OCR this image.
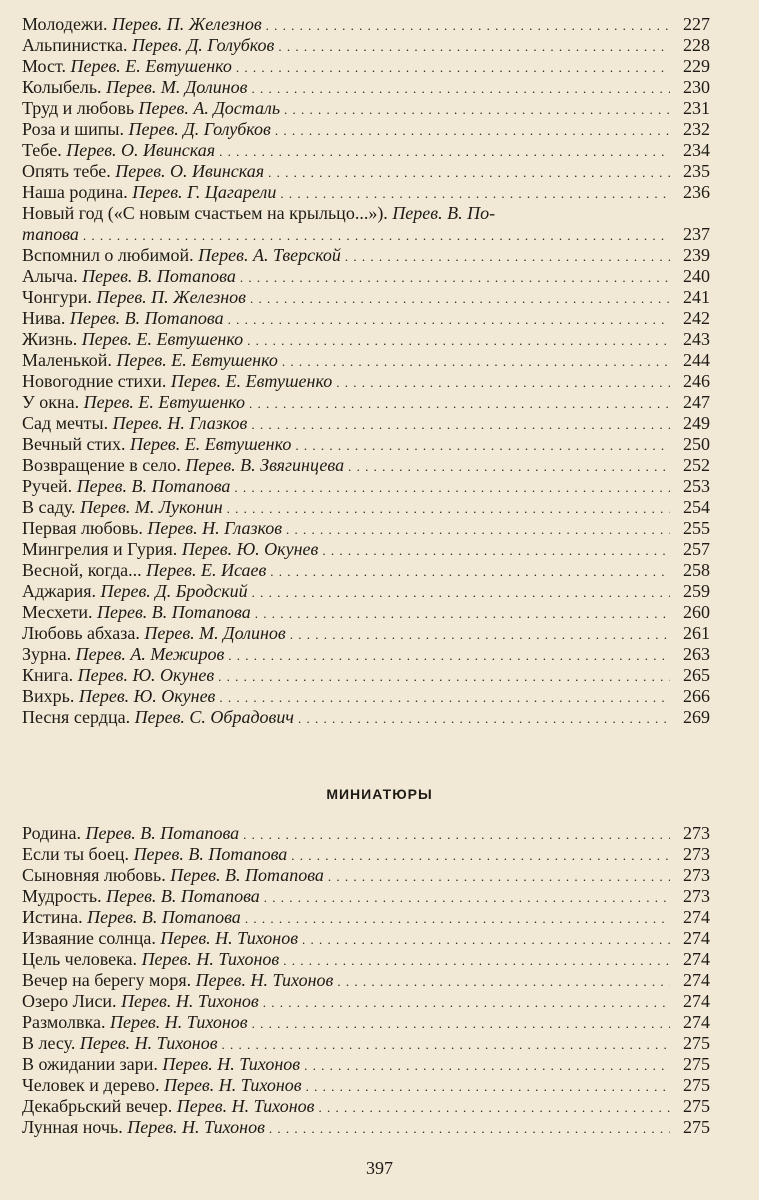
Молодежи. Перев. П. Железнов . . .	227
Альпинистка. Перев. Д. Голубков . . .	228
Мост. Перев. Е. Евтушенко . . .	229
Колыбель. Перев. М. Долинов . . .	230
Труд и любовь Перев. А. Досталь . . .	231
Роза и шипы. Перев. Д. Голубков . . .	232
Тебе. Перев. О. Ивинская . . .	234
Опять тебе. Перев. О. Ивинская . . .	235
Наша родина. Перев. Г. Цагарели . . .	236
Новый год («С новым счастьем на крыльцо...»). Перев. В. По-
тапова . . .	237
Вспомнил о любимой. Перев. А. Тверской . . .	239
Алыча. Перев. В. Потапова . . .	240
Чонгури. Перев. П. Железнов . . .	241
Нива. Перев. В. Потапова . . .	242
Жизнь. Перев. Е. Евтушенко . . .	243
Маленькой. Перев. Е. Евтушенко . . .	244
Новогодние стихи. Перев. Е. Евтушенко . . .	246
У окна. Перев. Е. Евтушенко . . .	247
Сад мечты. Перев. Н. Глазков . . .	249
Вечный стих. Перев. Е. Евтушенко . . .	250
Возвращение в село. Перев. В. Звягинцева . . .	252
Ручей. Перев. В. Потапова . . .	253
В саду. Перев. М. Луконин . . .	254
Первая любовь. Перев. Н. Глазков . . .	255
Мингрелия и Гурия. Перев. Ю. Окунев . . .	257
Весной, когда... Перев. Е. Исаев . . .	258
Аджария. Перев. Д. Бродский . . .	259
Месхети. Перев. В. Потапова . . .	260
Любовь абхаза. Перев. М. Долинов . . .	261
Зурна. Перев. А. Межиров . . .	263
Книга. Перев. Ю. Окунев . . .	265
Вихрь. Перев. Ю. Окунев . . .	266
Песня сердца. Перев. С. Обрадович . . .	269
МИНИАТЮРЫ
Родина. Перев. В. Потапова . . .	273
Если ты боец. Перев. В. Потапова . . .	273
Сыновняя любовь. Перев. В. Потапова . . .	273
Мудрость. Перев. В. Потапова . . .	273
Истина. Перев. В. Потапова . . .	274
Изваяние солнца. Перев. Н. Тихонов . . .	274
Цель человека. Перев. Н. Тихонов . . .	274
Вечер на берегу моря. Перев. Н. Тихонов . . .	274
Озеро Лиси. Перев. Н. Тихонов . . .	274
Размолвка. Перев. Н. Тихонов . . .	274
В лесу. Перев. Н. Тихонов . . .	275
В ожидании зари. Перев. Н. Тихонов . . .	275
Человек и дерево. Перев. Н. Тихонов . . .	275
Декабрьский вечер. Перев. Н. Тихонов . . .	275
Лунная ночь. Перев. Н. Тихонов . . .	275
397
